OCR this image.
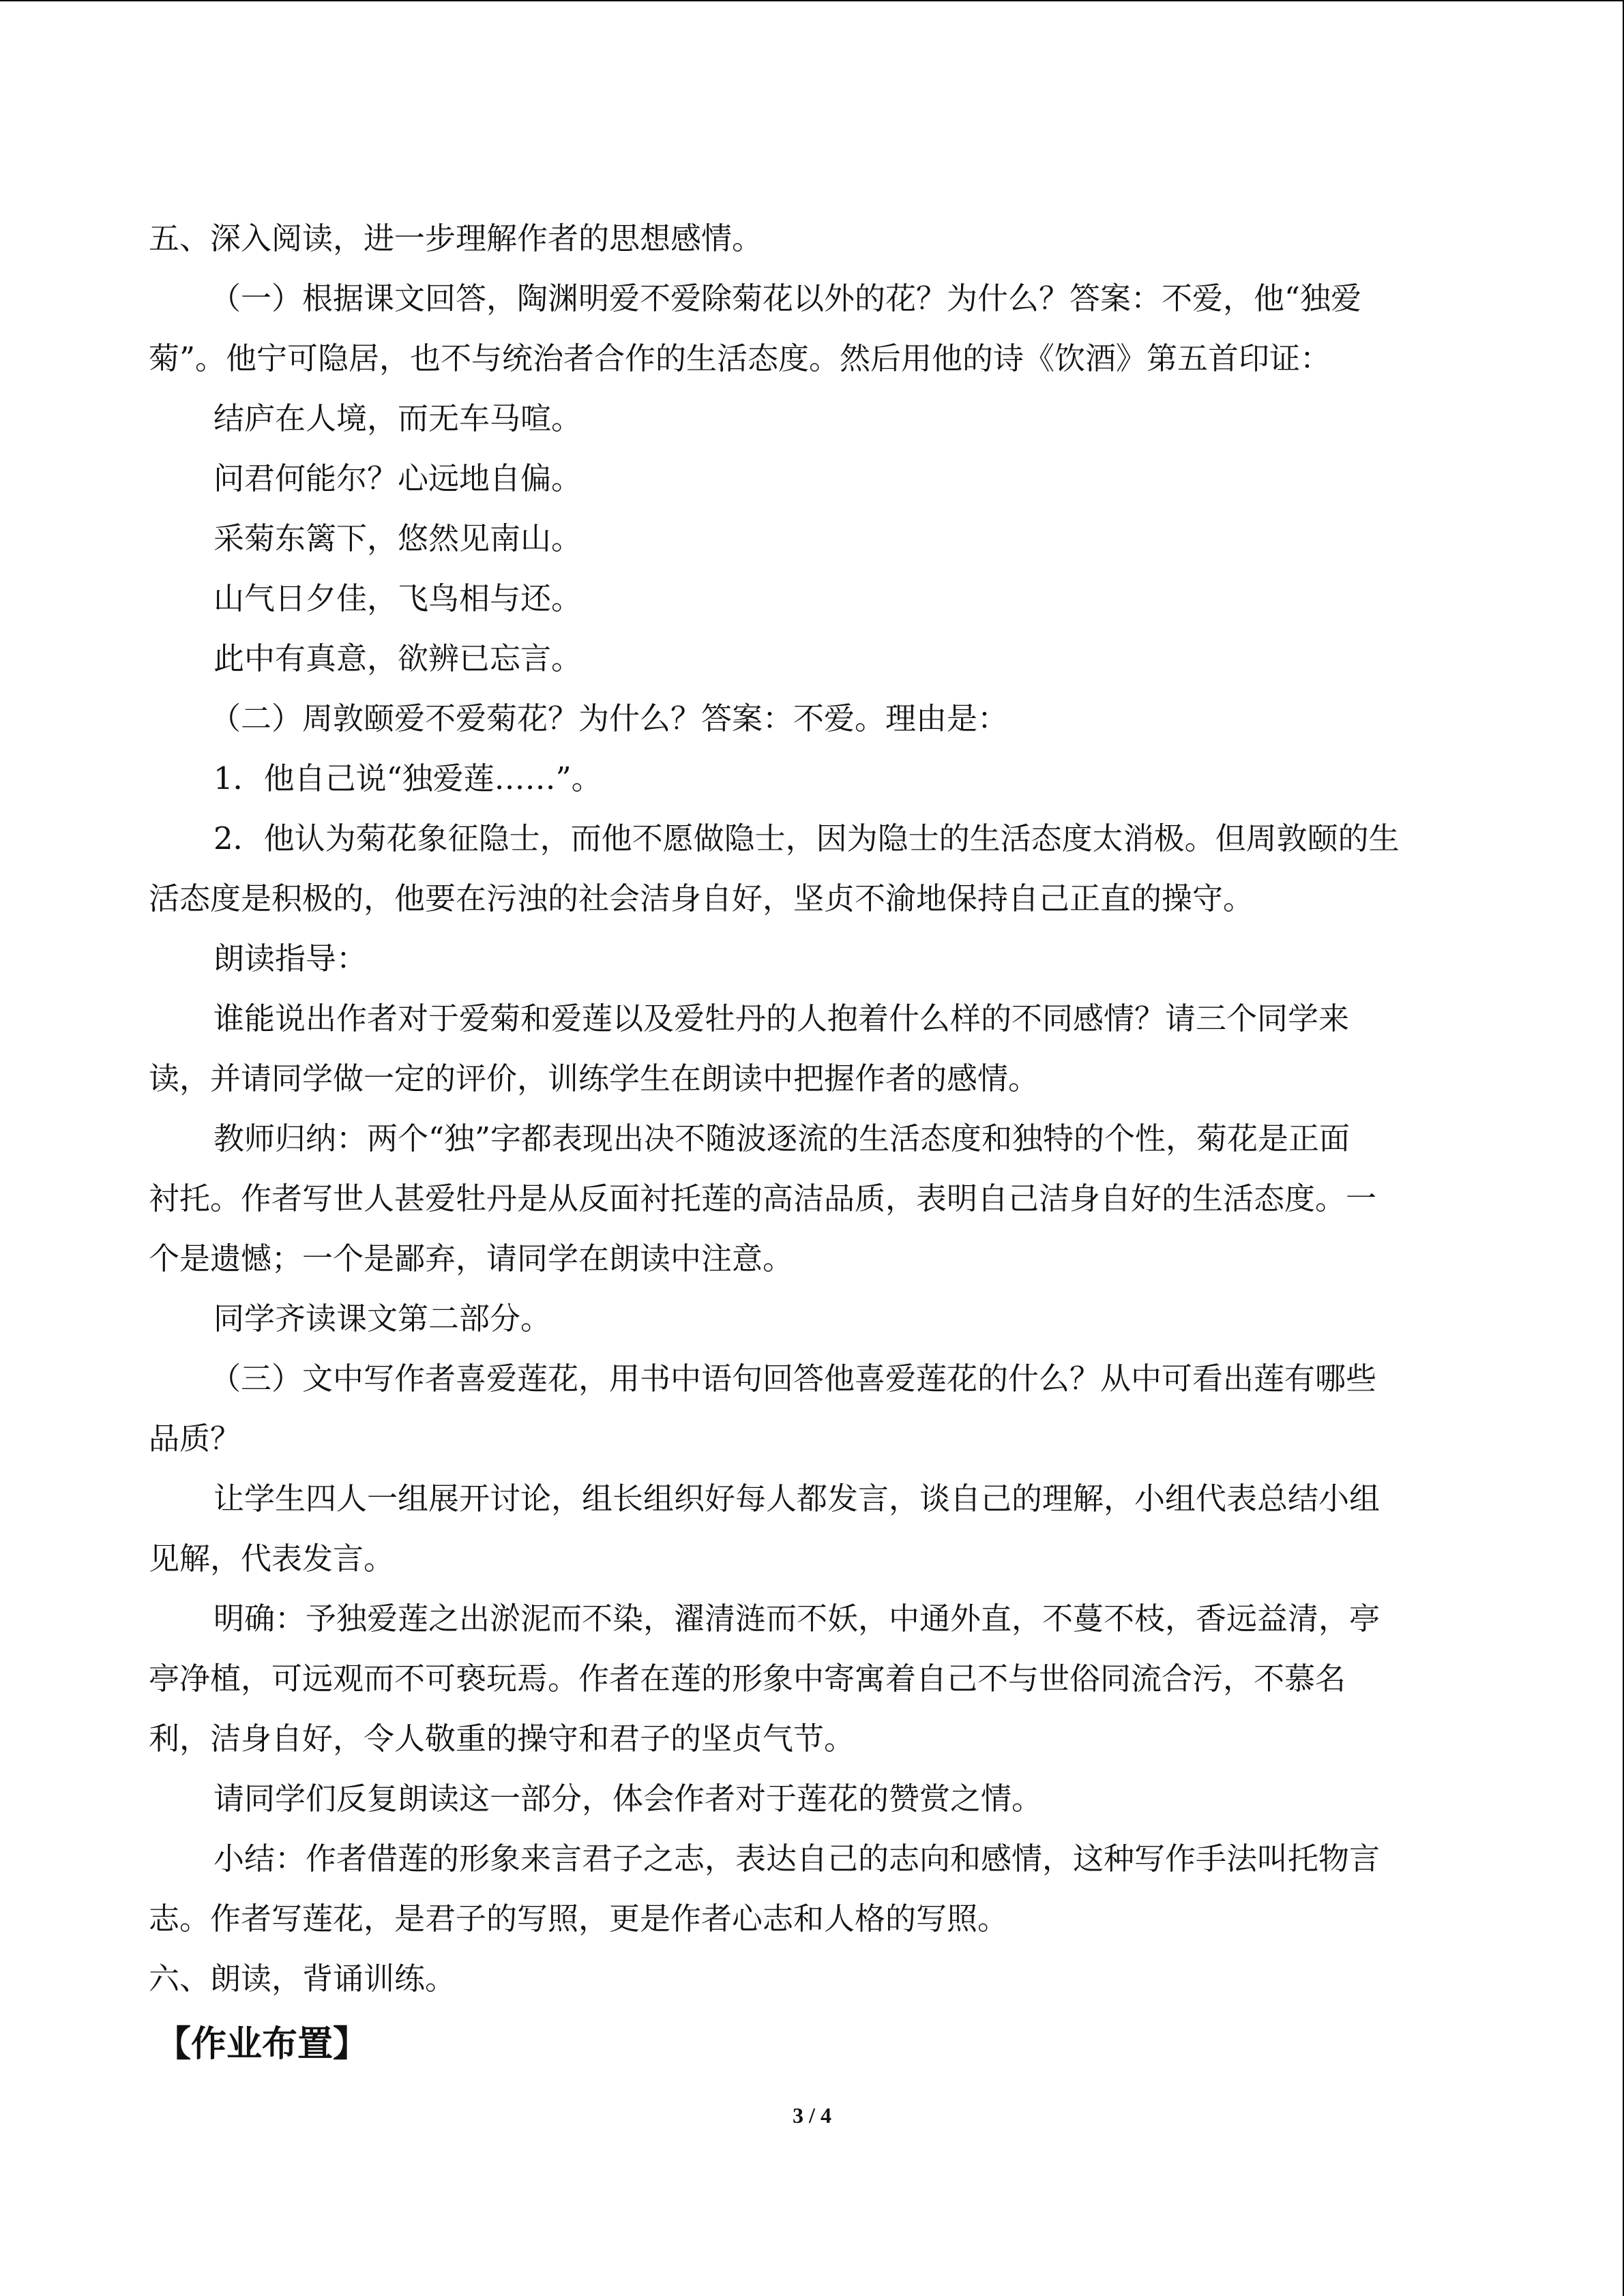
五、深入阅读，进一步理解作者的思想感情。
（一）根据课文回答，陶渊明爱不爱除菊花以外的花？为什么？答案：不爱，他“独爱
菊”。他宁可隐居，也不与统治者合作的生活态度。然后用他的诗《饮酒》第五首印证：
结庐在人境，而无车马喧。
问君何能尔？心远地自偏。
采菊东篱下，悠然见南山。
山气日夕佳，飞鸟相与还。
此中有真意，欲辨已忘言。
（二）周敦颐爱不爱菊花？为什么？答案：不爱。理由是：
1．他自己说“独爱莲……”。
2．他认为菊花象征隐士，而他不愿做隐士，因为隐士的生活态度太消极。但周敦颐的生
活态度是积极的，他要在污浊的社会洁身自好，坚贞不渝地保持自己正直的操守。
朗读指导：
谁能说出作者对于爱菊和爱莲以及爱牡丹的人抱着什么样的不同感情？请三个同学来
读，并请同学做一定的评价，训练学生在朗读中把握作者的感情。
教师归纳：两个“独”字都表现出决不随波逐流的生活态度和独特的个性，菊花是正面
衬托。作者写世人甚爱牡丹是从反面衬托莲的高洁品质，表明自己洁身自好的生活态度。一
个是遗憾；一个是鄙弃，请同学在朗读中注意。
同学齐读课文第二部分。
（三）文中写作者喜爱莲花，用书中语句回答他喜爱莲花的什么？从中可看出莲有哪些
品质？
让学生四人一组展开讨论，组长组织好每人都发言，谈自己的理解，小组代表总结小组
见解，代表发言。
明确：予独爱莲之出淤泥而不染，濯清涟而不妖，中通外直，不蔓不枝，香远益清，亭
亭净植，可远观而不可亵玩焉。作者在莲的形象中寄寓着自己不与世俗同流合污，不慕名
利，洁身自好，令人敬重的操守和君子的坚贞气节。
请同学们反复朗读这一部分，体会作者对于莲花的赞赏之情。
小结：作者借莲的形象来言君子之志，表达自己的志向和感情，这种写作手法叫托物言
志。作者写莲花，是君子的写照，更是作者心志和人格的写照。
六、朗读，背诵训练。
【作业布置】
3 / 4
